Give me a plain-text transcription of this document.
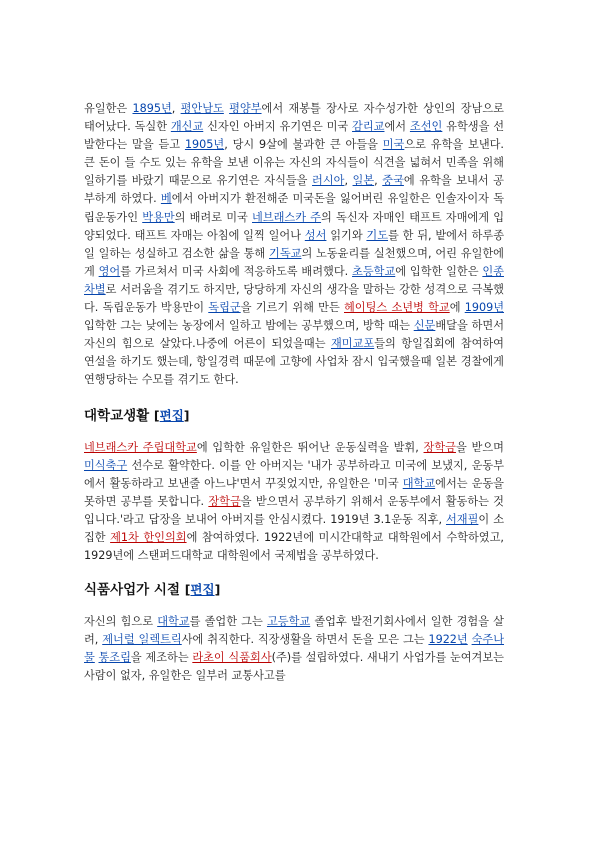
유일한은 1895년, 평안남도 평양부에서 재봉틀 장사로 자수성가한 상인의 장남으로 태어났다. 독실한 개신교 신자인 아버지 유기연은 미국 감리교에서 조선인 유학생을 선발한다는 말을 듣고 1905년, 당시 9살에 불과한 큰 아들을 미국으로 유학을 보낸다. 큰 돈이 들 수도 있는 유학을 보낸 이유는 자신의 자식들이 식견을 넓혀서 민족을 위해 일하기를 바랐기 때문으로 유기연은 자식들을 러시아, 일본, 중국에 유학을 보내서 공부하게 하였다. 베에서 아버지가 환전해준 미국돈을 잃어버린 유일한은 인솔자이자 독립운동가인 박용만의 배려로 미국 네브래스카 주의 독신자 자매인 태프트 자매에게 입양되었다. 태프트 자매는 아침에 일찍 일어나 성서 읽기와 기도를 한 뒤, 밭에서 하루종일 일하는 성실하고 검소한 삶을 통해 기독교의 노동윤리를 실천했으며, 어린 유일한에게 영어를 가르쳐서 미국 사회에 적응하도록 배려했다. 초등학교에 입학한 일한은 인종차별로 서러움을 겪기도 하지만, 당당하게 자신의 생각을 말하는 강한 성격으로 극복했다. 독립운동가 박용만이 독립군을 기르기 위해 만든 헤이팅스 소년병 학교에 1909년 입학한 그는 낮에는 농장에서 일하고 밤에는 공부했으며, 방학 때는 신문배달을 하면서 자신의 힘으로 살았다.나중에 어른이 되었을때는 재미교포들의 항일집회에 참여하여 연설을 하기도 했는데, 항일경력 때문에 고향에 사업차 잠시 입국했을때 일본 경찰에게 연행당하는 수모를 겪기도 한다.

대학교생활 [편집]

네브래스카 주립대학교에 입학한 유일한은 뛰어난 운동실력을 발휘, 장학금을 받으며 미식축구 선수로 활약한다. 이를 안 아버지는 '내가 공부하라고 미국에 보냈지, 운동부에서 활동하라고 보낸줄 아느냐'면서 꾸짖었지만, 유일한은 '미국 대학교에서는 운동을 못하면 공부를 못합니다. 장학금을 받으면서 공부하기 위해서 운동부에서 활동하는 것입니다.'라고 답장을 보내어 아버지를 안심시켰다. 1919년 3.1운동 직후, 서재필이 소집한 제1차 한인의회에 참여하였다. 1922년에 미시간대학교 대학원에서 수학하였고, 1929년에 스탠퍼드대학교 대학원에서 국제법을 공부하였다.

식품사업가 시절 [편집]

자신의 힘으로 대학교를 졸업한 그는 고등학교 졸업후 발전기회사에서 일한 경험을 살려, 제너럴 일렉트릭사에 취직한다. 직장생활을 하면서 돈을 모은 그는 1922년 숙주나물 통조림을 제조하는 라초이 식품회사(주)를 설립하였다. 새내기 사업가를 눈여겨보는 사람이 없자, 유일한은 일부러 교통사고를
